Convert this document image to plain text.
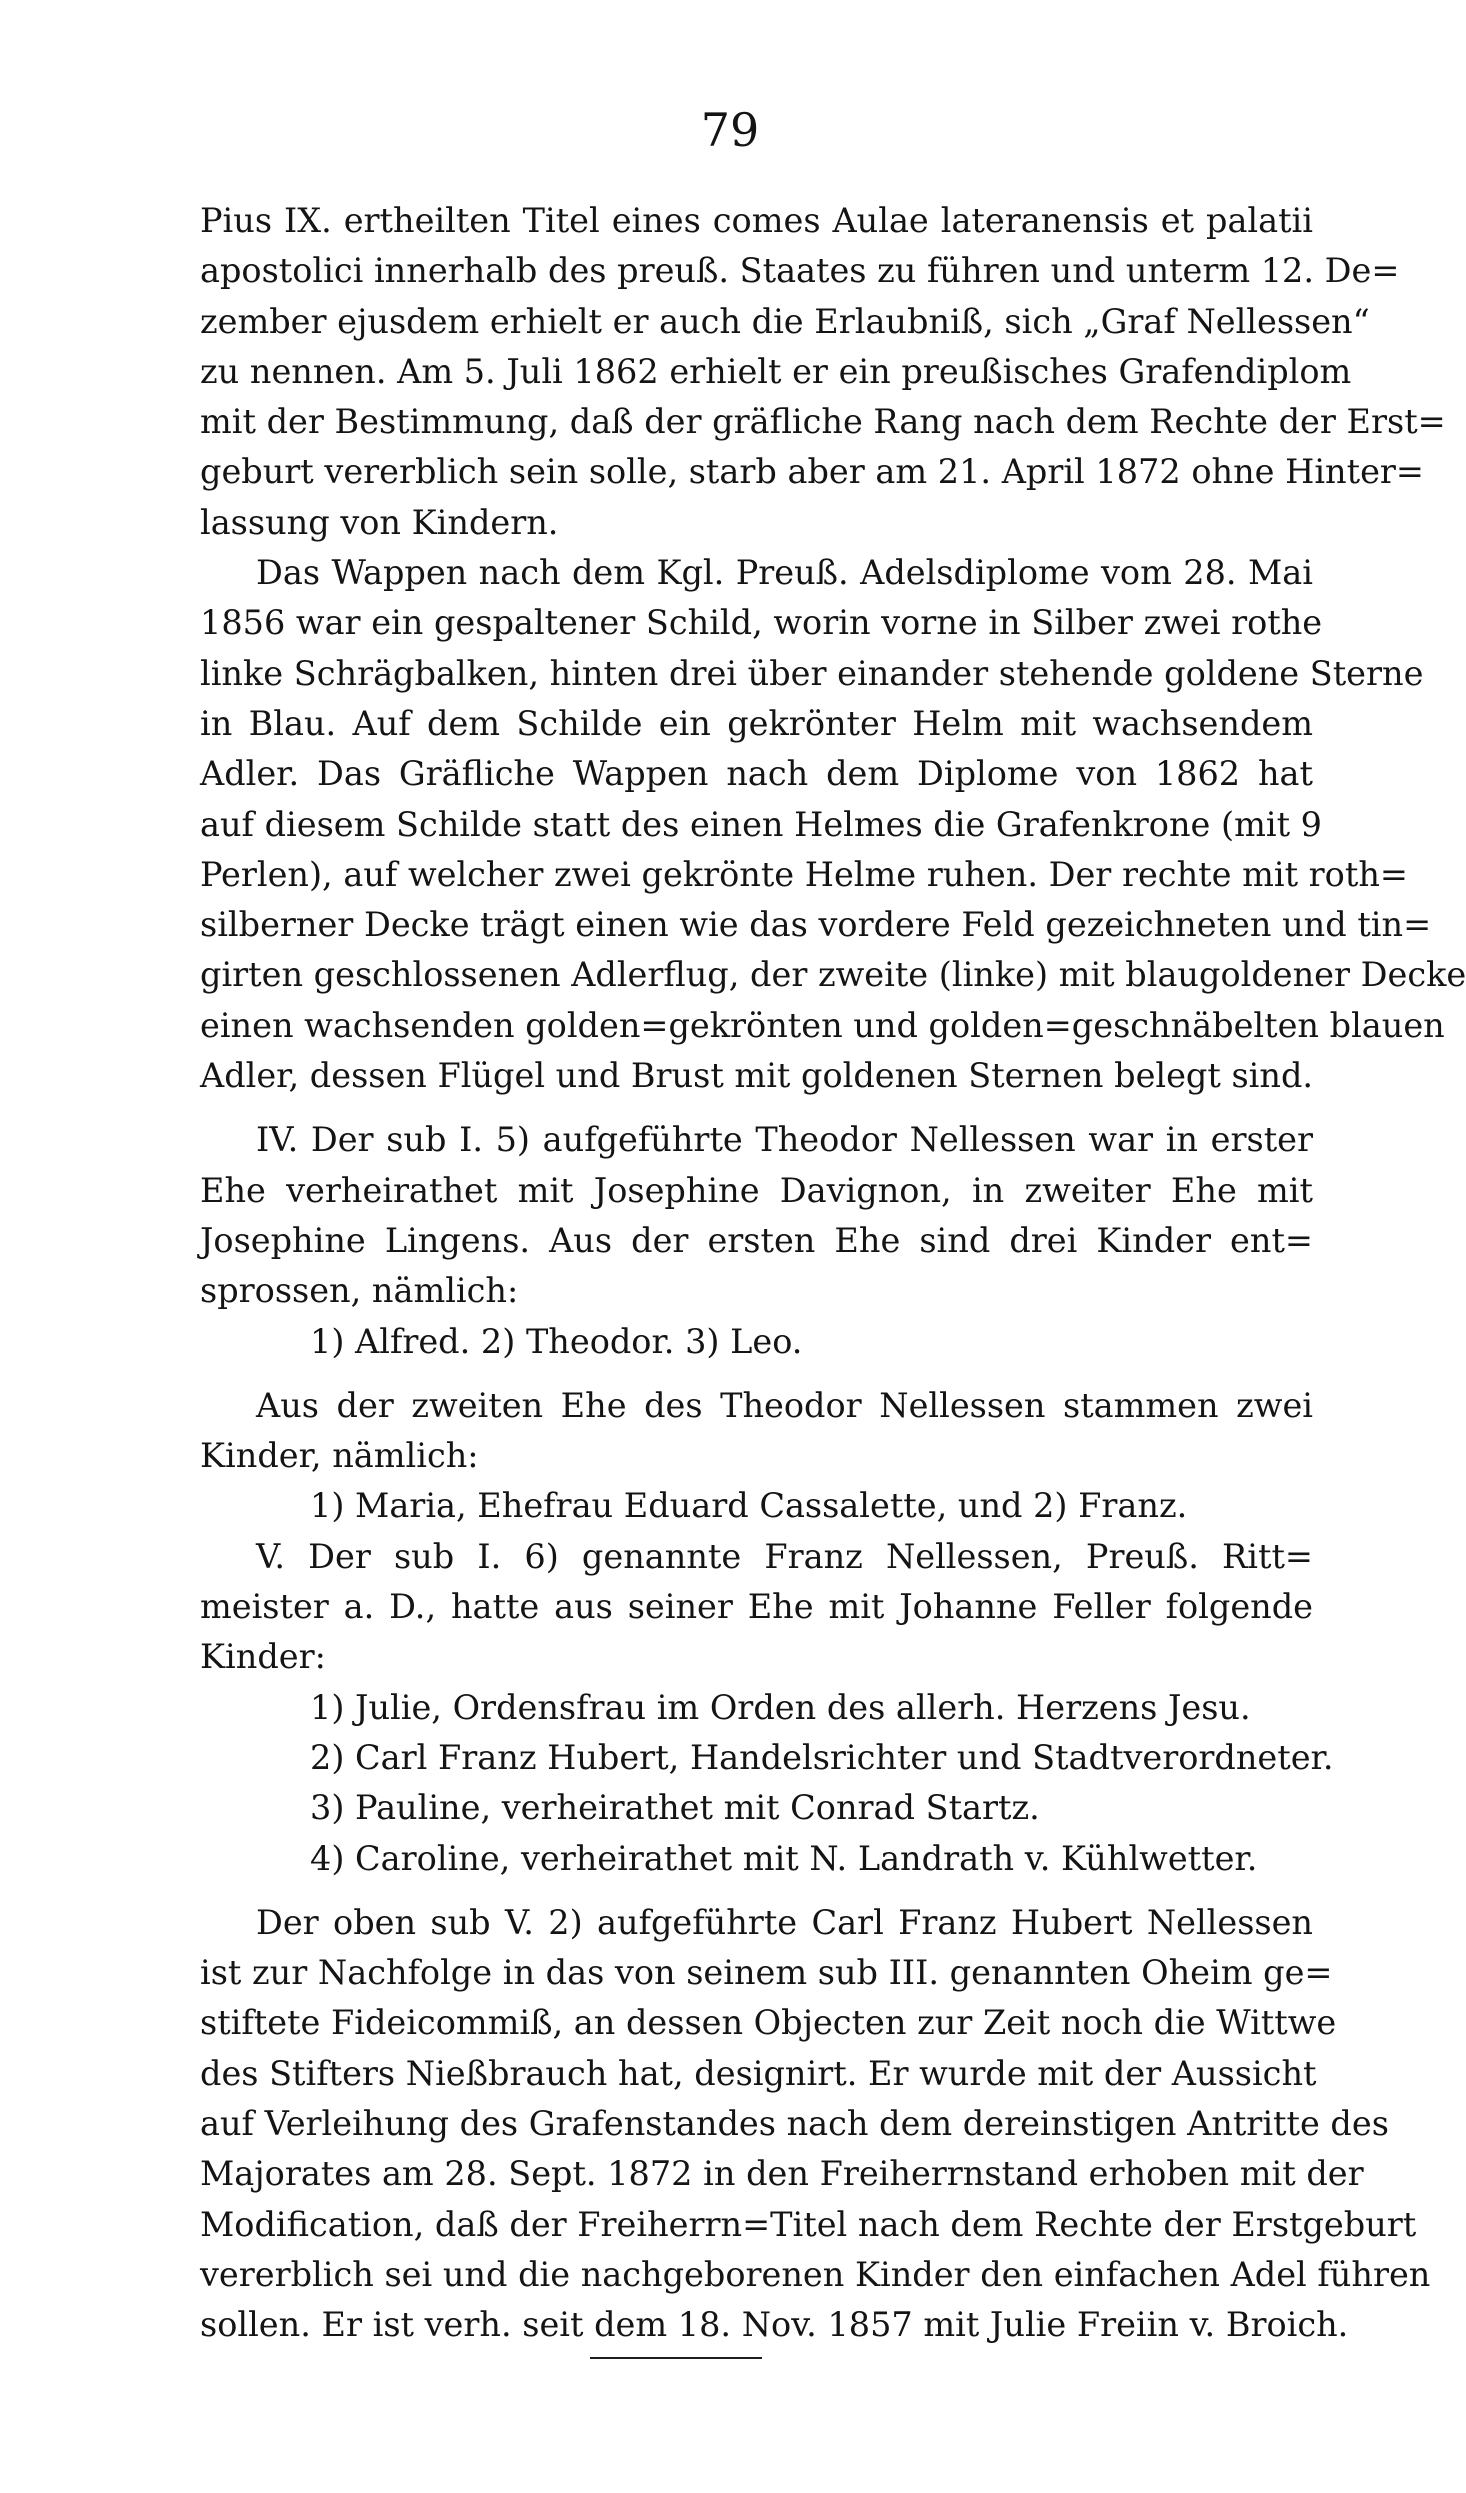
79
Pius IX. ertheilten Titel eines comes Aulae lateranensis et palatii
apostolici innerhalb des preuß. Staates zu führen und unterm 12. De=
zember ejusdem erhielt er auch die Erlaubniß, sich „Graf Nellessen“
zu nennen. Am 5. Juli 1862 erhielt er ein preußisches Grafendiplom
mit der Bestimmung, daß der gräfliche Rang nach dem Rechte der Erst=
geburt vererblich sein solle, starb aber am 21. April 1872 ohne Hinter=
lassung von Kindern.
Das Wappen nach dem Kgl. Preuß. Adelsdiplome vom 28. Mai
1856 war ein gespaltener Schild, worin vorne in Silber zwei rothe
linke Schrägbalken, hinten drei über einander stehende goldene Sterne
in Blau. Auf dem Schilde ein gekrönter Helm mit wachsendem
Adler. Das Gräfliche Wappen nach dem Diplome von 1862 hat
auf diesem Schilde statt des einen Helmes die Grafenkrone (mit 9
Perlen), auf welcher zwei gekrönte Helme ruhen. Der rechte mit roth=
silberner Decke trägt einen wie das vordere Feld gezeichneten und tin=
girten geschlossenen Adlerflug, der zweite (linke) mit blaugoldener Decke
einen wachsenden golden=gekrönten und golden=geschnäbelten blauen
Adler, dessen Flügel und Brust mit goldenen Sternen belegt sind.
IV. Der sub I. 5) aufgeführte Theodor Nellessen war in erster
Ehe verheirathet mit Josephine Davignon, in zweiter Ehe mit
Josephine Lingens. Aus der ersten Ehe sind drei Kinder ent=
sprossen, nämlich:
1) Alfred. 2) Theodor. 3) Leo.
Aus der zweiten Ehe des Theodor Nellessen stammen zwei
Kinder, nämlich:
1) Maria, Ehefrau Eduard Cassalette, und 2) Franz.
V. Der sub I. 6) genannte Franz Nellessen, Preuß. Ritt=
meister a. D., hatte aus seiner Ehe mit Johanne Feller folgende
Kinder:
1) Julie, Ordensfrau im Orden des allerh. Herzens Jesu.
2) Carl Franz Hubert, Handelsrichter und Stadtverordneter.
3) Pauline, verheirathet mit Conrad Startz.
4) Caroline, verheirathet mit N. Landrath v. Kühlwetter.
Der oben sub V. 2) aufgeführte Carl Franz Hubert Nellessen
ist zur Nachfolge in das von seinem sub III. genannten Oheim ge=
stiftete Fideicommiß, an dessen Objecten zur Zeit noch die Wittwe
des Stifters Nießbrauch hat, designirt. Er wurde mit der Aussicht
auf Verleihung des Grafenstandes nach dem dereinstigen Antritte des
Majorates am 28. Sept. 1872 in den Freiherrnstand erhoben mit der
Modification, daß der Freiherrn=Titel nach dem Rechte der Erstgeburt
vererblich sei und die nachgeborenen Kinder den einfachen Adel führen
sollen. Er ist verh. seit dem 18. Nov. 1857 mit Julie Freiin v. Broich.
